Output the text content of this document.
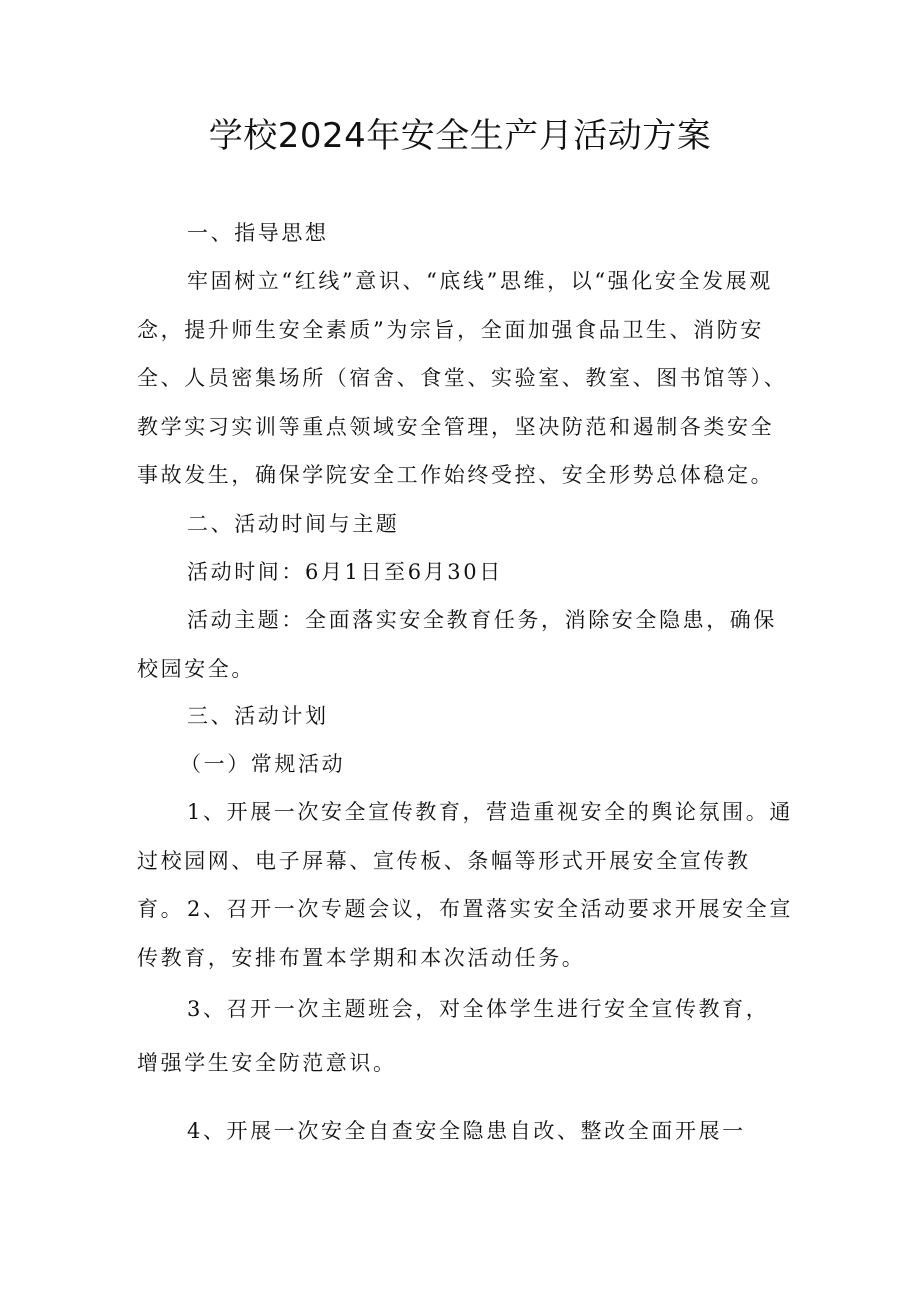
学校2024年安全生产月活动方案

一、指导思想

牢固树立“红线”意识、“底线”思维，以“强化安全发展观念，提升师生安全素质”为宗旨，全面加强食品卫生、消防安全、人员密集场所（宿舍、食堂、实验室、教室、图书馆等）、教学实习实训等重点领域安全管理，坚决防范和遏制各类安全事故发生，确保学院安全工作始终受控、安全形势总体稳定。

二、活动时间与主题

活动时间：6月1日至6月30日

活动主题：全面落实安全教育任务，消除安全隐患，确保校园安全。

三、活动计划

（一）常规活动

1、开展一次安全宣传教育，营造重视安全的舆论氛围。通过校园网、电子屏幕、宣传板、条幅等形式开展安全宣传教育。 2、召开一次专题会议，布置落实安全活动要求开展安全宣传教育，安排布置本学期和本次活动任务。

3、召开一次主题班会，对全体学生进行安全宣传教育，

增强学生安全防范意识。

4、开展一次安全自查安全隐患自改、整改全面开展一
